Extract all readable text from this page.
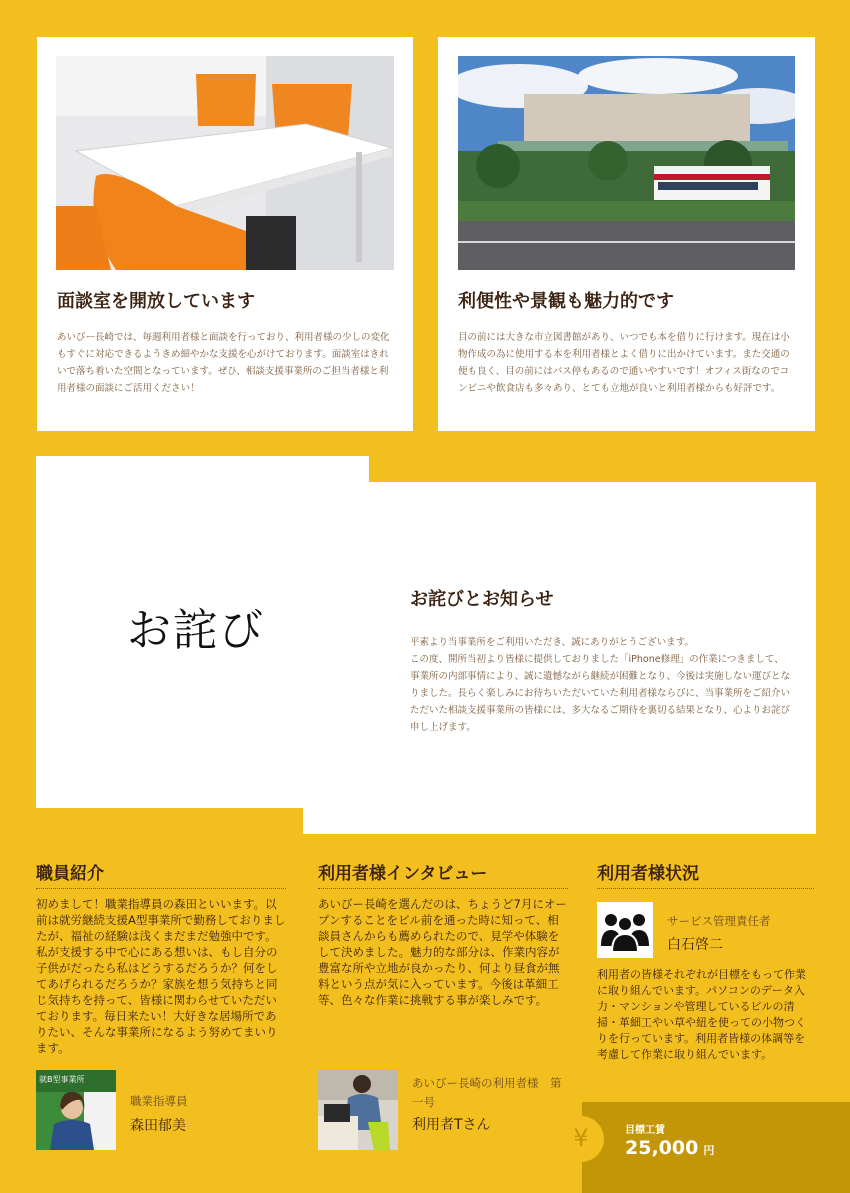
面談室を開放しています

あいびー長崎では、毎週利用者様と面談を行っており、利用者様の少しの変化もすぐに対応できるようきめ細やかな支援を心がけております。面談室はきれいで落ち着いた空間となっています。ぜひ、相談支援事業所のご担当者様と利用者様の面談にご活用ください！

利便性や景観も魅力的です

目の前には大きな市立図書館があり、いつでも本を借りに行けます。現在は小物作成の為に使用する本を利用者様とよく借りに出かけています。また交通の便も良く、目の前にはバス停もあるので通いやすいです！オフィス街なのでコンビニや飲食店も多々あり、とても立地が良いと利用者様からも好評です。

お詫び
お詫びとお知らせ

平素より当事業所をご利用いただき、誠にありがとうございます。
この度、開所当初より皆様に提供しておりました「iPhone修理」の作業につきまして、事業所の内部事情により、誠に遺憾ながら継続が困難となり、今後は実施しない運びとなりました。長らく楽しみにお待ちいただいていた利用者様ならびに、当事業所をご紹介いただいた相談支援事業所の皆様には、多大なるご期待を裏切る結果となり、心よりお詫び申し上げます。

職員紹介

初めまして！職業指導員の森田といいます。以前は就労継続支援A型事業所で勤務しておりましたが、福祉の経験は浅くまだまだ勉強中です。私が支援する中で心にある想いは、もし自分の子供がだったら私はどうするだろうか？何をしてあげられるだろうか？家族を想う気持ちと同じ気持ちを持って、皆様に関わらせていただいております。毎日来たい！大好きな居場所でありたい、そんな事業所になるよう努めてまいります。

就B型事業所
職業指導員
森田郁美
利用者様インタビュー

あいびー長崎を選んだのは、ちょうど7月にオープンすることをビル前を通った時に知って、相談員さんからも薦められたので、見学や体験をして決めました。魅力的な部分は、作業内容が豊富な所や立地が良かったり、何より昼食が無料という点が気に入っています。今後は革細工等、色々な作業に挑戦する事が楽しみです。

あいびー長崎の利用者様　第一号
利用者Tさん
利用者様状況
サービス管理責任者
白石啓二

利用者の皆様それぞれが目標をもって作業に取り組んでいます。パソコンのデータ入力・マンションや管理しているビルの清掃・革細工やい草や紐を使っての小物つくりを行っています。利用者皆様の体調等を考慮して作業に取り組んでいます。

¥	目標工賃
25,000 円
